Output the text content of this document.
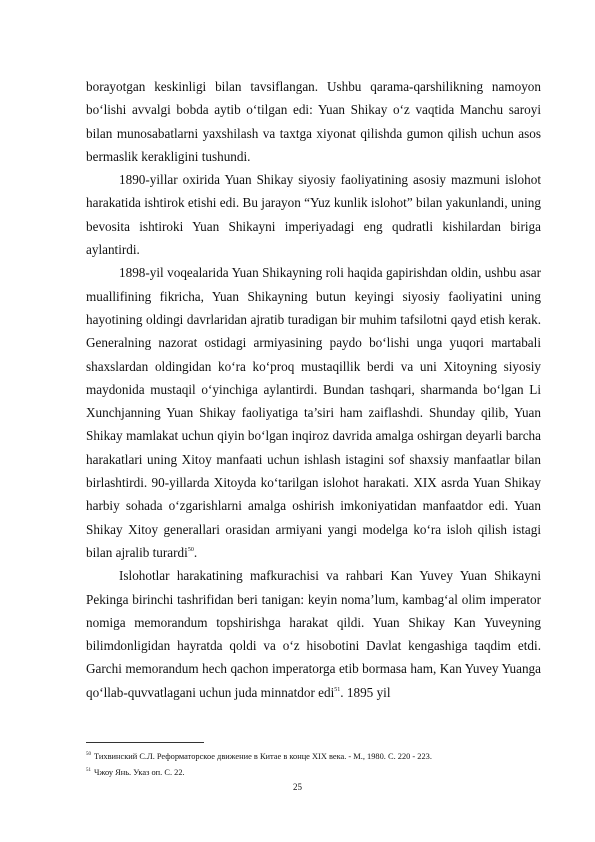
borayotgan keskinligi bilan tavsiflangan. Ushbu qarama-qarshilikning namoyon boʻlishi avvalgi bobda aytib oʻtilgan edi: Yuan Shikay oʻz vaqtida Manchu saroyi bilan munosabatlarni yaxshilash va taxtga xiyonat qilishda gumon qilish uchun asos bermaslik kerakligini tushundi.

1890-yillar oxirida Yuan Shikay siyosiy faoliyatining asosiy mazmuni islohot harakatida ishtirok etishi edi. Bu jarayon “Yuz kunlik islohot” bilan yakunlandi, uning bevosita ishtiroki Yuan Shikayni imperiyadagi eng qudratli kishilardan biriga aylantirdi.

1898-yil voqealarida Yuan Shikayning roli haqida gapirishdan oldin, ushbu asar muallifining fikricha, Yuan Shikayning butun keyingi siyosiy faoliyatini uning hayotining oldingi davrlaridan ajratib turadigan bir muhim tafsilotni qayd etish kerak. Generalning nazorat ostidagi armiyasining paydo boʻlishi unga yuqori martabali shaxslardan oldingidan koʻra koʻproq mustaqillik berdi va uni Xitoyning siyosiy maydonida mustaqil oʻyinchiga aylantirdi. Bundan tashqari, sharmanda boʻlgan Li Xunchjanning Yuan Shikay faoliyatiga ta’siri ham zaiflashdi. Shunday qilib, Yuan Shikay mamlakat uchun qiyin boʻlgan inqiroz davrida amalga oshirgan deyarli barcha harakatlari uning Xitoy manfaati uchun ishlash istagini sof shaxsiy manfaatlar bilan birlashtirdi. 90-yillarda Xitoyda koʻtarilgan islohot harakati. XIX asrda Yuan Shikay harbiy sohada oʻzgarishlarni amalga oshirish imkoniyatidan manfaatdor edi. Yuan Shikay Xitoy generallari orasidan armiyani yangi modelga koʻra isloh qilish istagi bilan ajralib turardi$^{50}$.

Islohotlar harakatining mafkurachisi va rahbari Kan Yuvey Yuan Shikayni Pekinga birinchi tashrifidan beri tanigan: keyin noma’lum, kambagʻal olim imperator nomiga memorandum topshirishga harakat qildi. Yuan Shikay Kan Yuveyning bilimdonligidan hayratda qoldi va oʻz hisobotini Davlat kengashiga taqdim etdi. Garchi memorandum hech qachon imperatorga etib bormasa ham, Kan Yuvey Yuanga qoʻllab-quvvatlagani uchun juda minnatdor edi$^{51}$. 1895 yil

$^{50}$ Тихвинский С.Л. Реформаторское движение в Китае в конце XIX века. - М., 1980. С. 220 - 223.
$^{51}$ Чжоу Янь. Указ оп. С. 22.
25
